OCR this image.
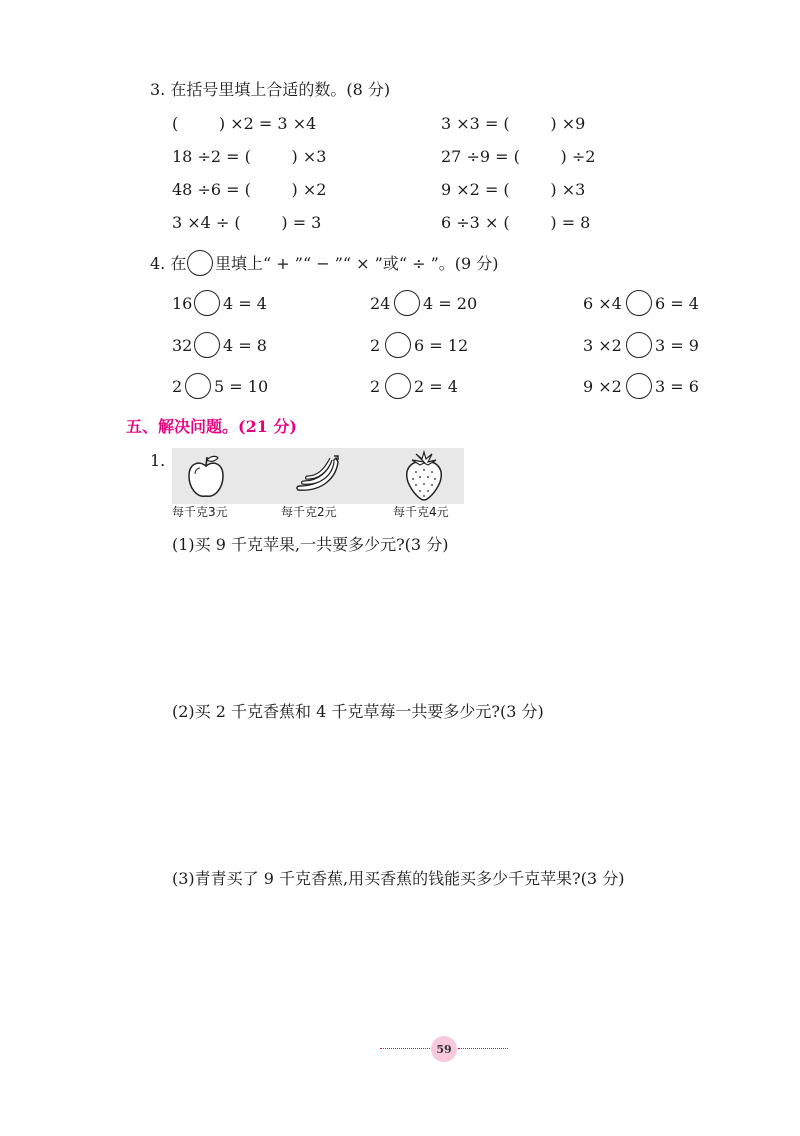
3. 在括号里填上合适的数。(8 分)
(        ) ×2 = 3 ×4	3 ×3 = (        ) ×9
18 ÷2 = (        ) ×3	27 ÷9 = (        ) ÷2
48 ÷6 = (        ) ×2	9 ×2 = (        ) ×3
3 ×4 ÷ (        ) = 3	6 ÷3 × (        ) = 8
4. 在 里填上“ + ”“ − ”“ × ”或“ ÷ ”。(9 分)
16 4 = 4	24 4 = 20	6 ×4 6 = 4
32 4 = 8	2 6 = 12	3 ×2 3 = 9
2 5 = 10	2 2 = 4	9 ×2 3 = 6
五、解决问题。(21 分)
1.
每千克3元	每千克2元	每千克4元
(1)买 9 千克苹果,一共要多少元?(3 分)
(2)买 2 千克香蕉和 4 千克草莓一共要多少元?(3 分)
(3)青青买了 9 千克香蕉,用买香蕉的钱能买多少千克苹果?(3 分)
59
